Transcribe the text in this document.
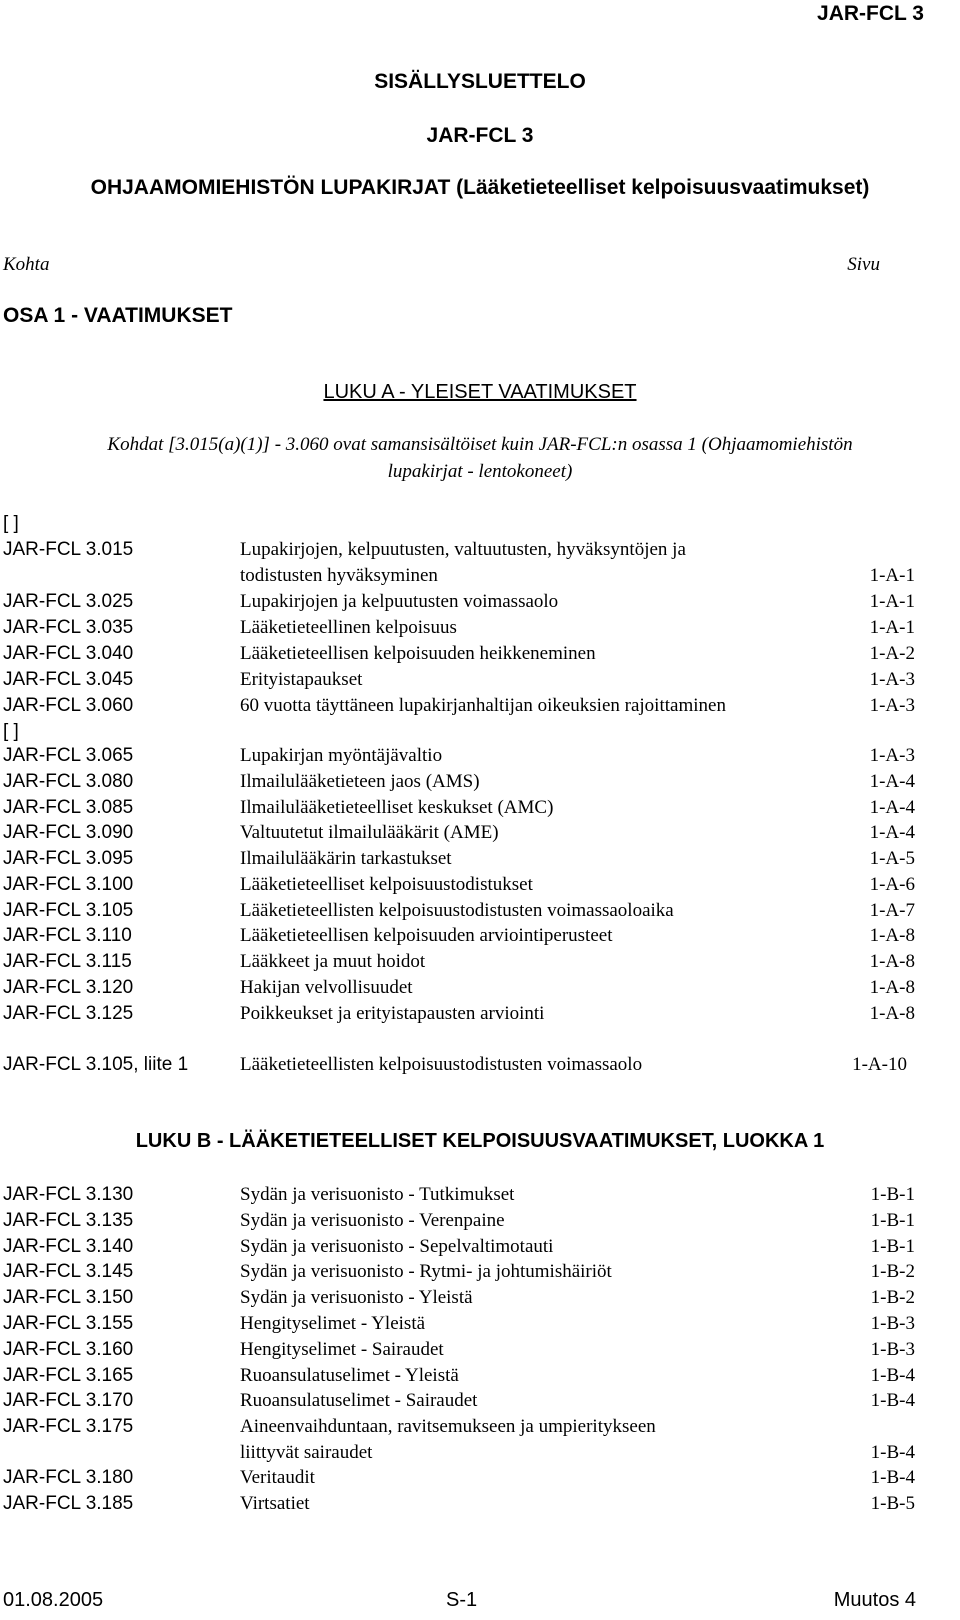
JAR-FCL 3
SISÄLLYSLUETTELO
JAR-FCL 3
OHJAAMOMIEHISTÖN LUPAKIRJAT (Lääketieteelliset kelpoisuusvaatimukset)
Kohta	Sivu
OSA 1 - VAATIMUKSET
LUKU A - YLEISET VAATIMUKSET
Kohdat [3.015(a)(1)] - 3.060 ovat samansisältöiset kuin JAR-FCL:n osassa 1 (Ohjaamomiehistön
lupakirjat - lentokoneet)
[ ]
JAR-FCL 3.015	Lupakirjojen, kelpuutusten, valtuutusten, hyväksyntöjen ja
todistusten hyväksyminen	1-A-1
JAR-FCL 3.025	Lupakirjojen ja kelpuutusten voimassaolo	1-A-1
JAR-FCL 3.035	Lääketieteellinen kelpoisuus	1-A-1
JAR-FCL 3.040	Lääketieteellisen kelpoisuuden heikkeneminen	1-A-2
JAR-FCL 3.045	Erityistapaukset	1-A-3
JAR-FCL 3.060	60 vuotta täyttäneen lupakirjanhaltijan oikeuksien rajoittaminen	1-A-3
[ ]
JAR-FCL 3.065	Lupakirjan myöntäjävaltio	1-A-3
JAR-FCL 3.080	Ilmailulääketieteen jaos (AMS)	1-A-4
JAR-FCL 3.085	Ilmailulääketieteelliset keskukset (AMC)	1-A-4
JAR-FCL 3.090	Valtuutetut ilmailulääkärit (AME)	1-A-4
JAR-FCL 3.095	Ilmailulääkärin tarkastukset	1-A-5
JAR-FCL 3.100	Lääketieteelliset kelpoisuustodistukset	1-A-6
JAR-FCL 3.105	Lääketieteellisten kelpoisuustodistusten voimassaoloaika	1-A-7
JAR-FCL 3.110	Lääketieteellisen kelpoisuuden arviointiperusteet	1-A-8
JAR-FCL 3.115	Lääkkeet ja muut hoidot	1-A-8
JAR-FCL 3.120	Hakijan velvollisuudet	1-A-8
JAR-FCL 3.125	Poikkeukset ja erityistapausten arviointi	1-A-8
JAR-FCL 3.105, liite 1	Lääketieteellisten kelpoisuustodistusten voimassaolo	1-A-10
LUKU B - LÄÄKETIETEELLISET KELPOISUUSVAATIMUKSET, LUOKKA 1
JAR-FCL 3.130	Sydän ja verisuonisto - Tutkimukset	1-B-1
JAR-FCL 3.135	Sydän ja verisuonisto - Verenpaine	1-B-1
JAR-FCL 3.140	Sydän ja verisuonisto - Sepelvaltimotauti	1-B-1
JAR-FCL 3.145	Sydän ja verisuonisto - Rytmi- ja johtumishäiriöt	1-B-2
JAR-FCL 3.150	Sydän ja verisuonisto - Yleistä	1-B-2
JAR-FCL 3.155	Hengityselimet - Yleistä	1-B-3
JAR-FCL 3.160	Hengityselimet - Sairaudet	1-B-3
JAR-FCL 3.165	Ruoansulatuselimet - Yleistä	1-B-4
JAR-FCL 3.170	Ruoansulatuselimet - Sairaudet	1-B-4
JAR-FCL 3.175	Aineenvaihduntaan, ravitsemukseen ja umpieritykseen
liittyvät sairaudet	1-B-4
JAR-FCL 3.180	Veritaudit	1-B-4
JAR-FCL 3.185	Virtsatiet	1-B-5
01.08.2005	S-1	Muutos 4
